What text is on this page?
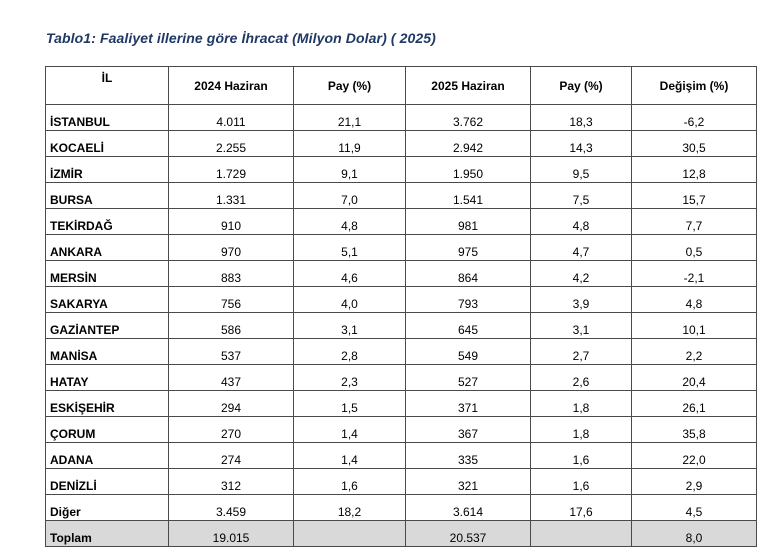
Tablo1: Faaliyet illerine göre İhracat (Milyon Dolar) ( 2025)
İL	2024 Haziran	Pay (%)	2025 Haziran	Pay (%)	Değişim (%)
İSTANBUL	4.011	21,1	3.762	18,3	-6,2
KOCAELİ	2.255	11,9	2.942	14,3	30,5
İZMİR	1.729	9,1	1.950	9,5	12,8
BURSA	1.331	7,0	1.541	7,5	15,7
TEKİRDAĞ	910	4,8	981	4,8	7,7
ANKARA	970	5,1	975	4,7	0,5
MERSİN	883	4,6	864	4,2	-2,1
SAKARYA	756	4,0	793	3,9	4,8
GAZİANTEP	586	3,1	645	3,1	10,1
MANİSA	537	2,8	549	2,7	2,2
HATAY	437	2,3	527	2,6	20,4
ESKİŞEHİR	294	1,5	371	1,8	26,1
ÇORUM	270	1,4	367	1,8	35,8
ADANA	274	1,4	335	1,6	22,0
DENİZLİ	312	1,6	321	1,6	2,9
Diğer	3.459	18,2	3.614	17,6	4,5
Toplam	19.015		20.537		8,0
